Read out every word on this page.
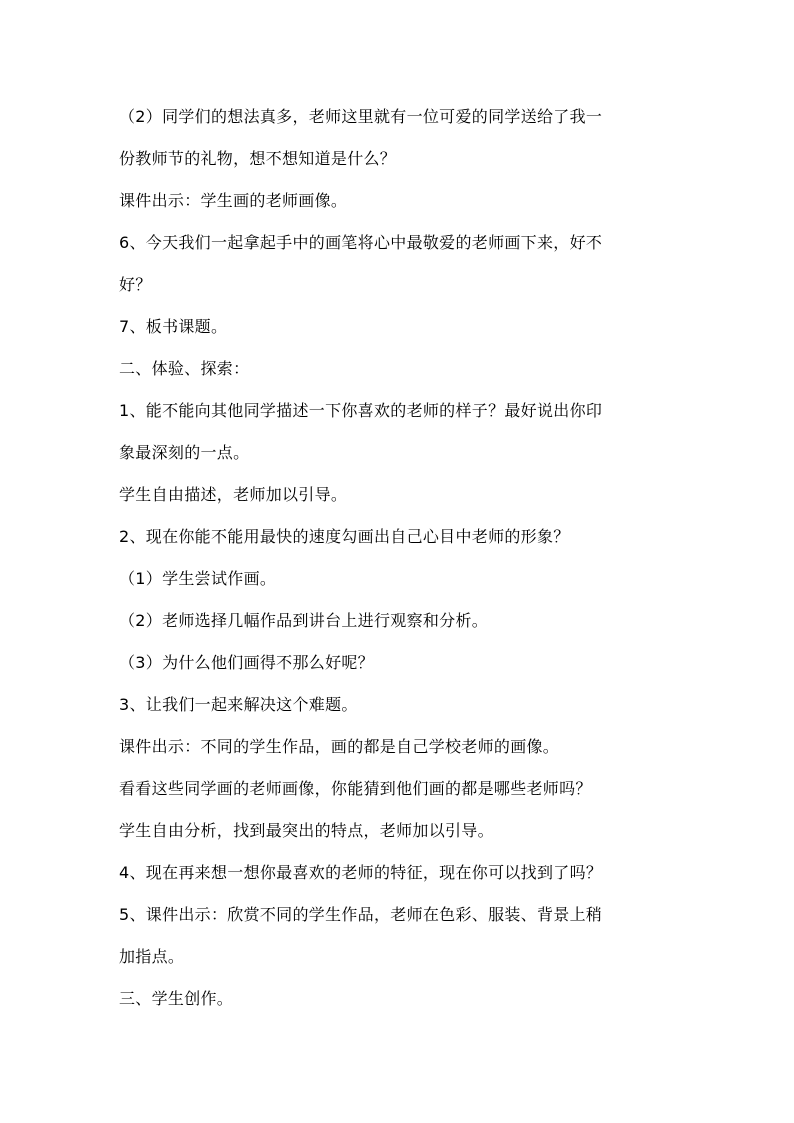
（2）同学们的想法真多，老师这里就有一位可爱的同学送给了我一
份教师节的礼物，想不想知道是什么？
课件出示：学生画的老师画像。
6、今天我们一起拿起手中的画笔将心中最敬爱的老师画下来，好不
好？
7、板书课题。
二、体验、探索：
1、能不能向其他同学描述一下你喜欢的老师的样子？最好说出你印
象最深刻的一点。
学生自由描述，老师加以引导。
2、现在你能不能用最快的速度勾画出自己心目中老师的形象？
（1）学生尝试作画。
（2）老师选择几幅作品到讲台上进行观察和分析。
（3）为什么他们画得不那么好呢？
3、让我们一起来解决这个难题。
课件出示：不同的学生作品，画的都是自己学校老师的画像。
看看这些同学画的老师画像，你能猜到他们画的都是哪些老师吗？
学生自由分析，找到最突出的特点，老师加以引导。
4、现在再来想一想你最喜欢的老师的特征，现在你可以找到了吗？
5、课件出示：欣赏不同的学生作品，老师在色彩、服装、背景上稍
加指点。
三、学生创作。
